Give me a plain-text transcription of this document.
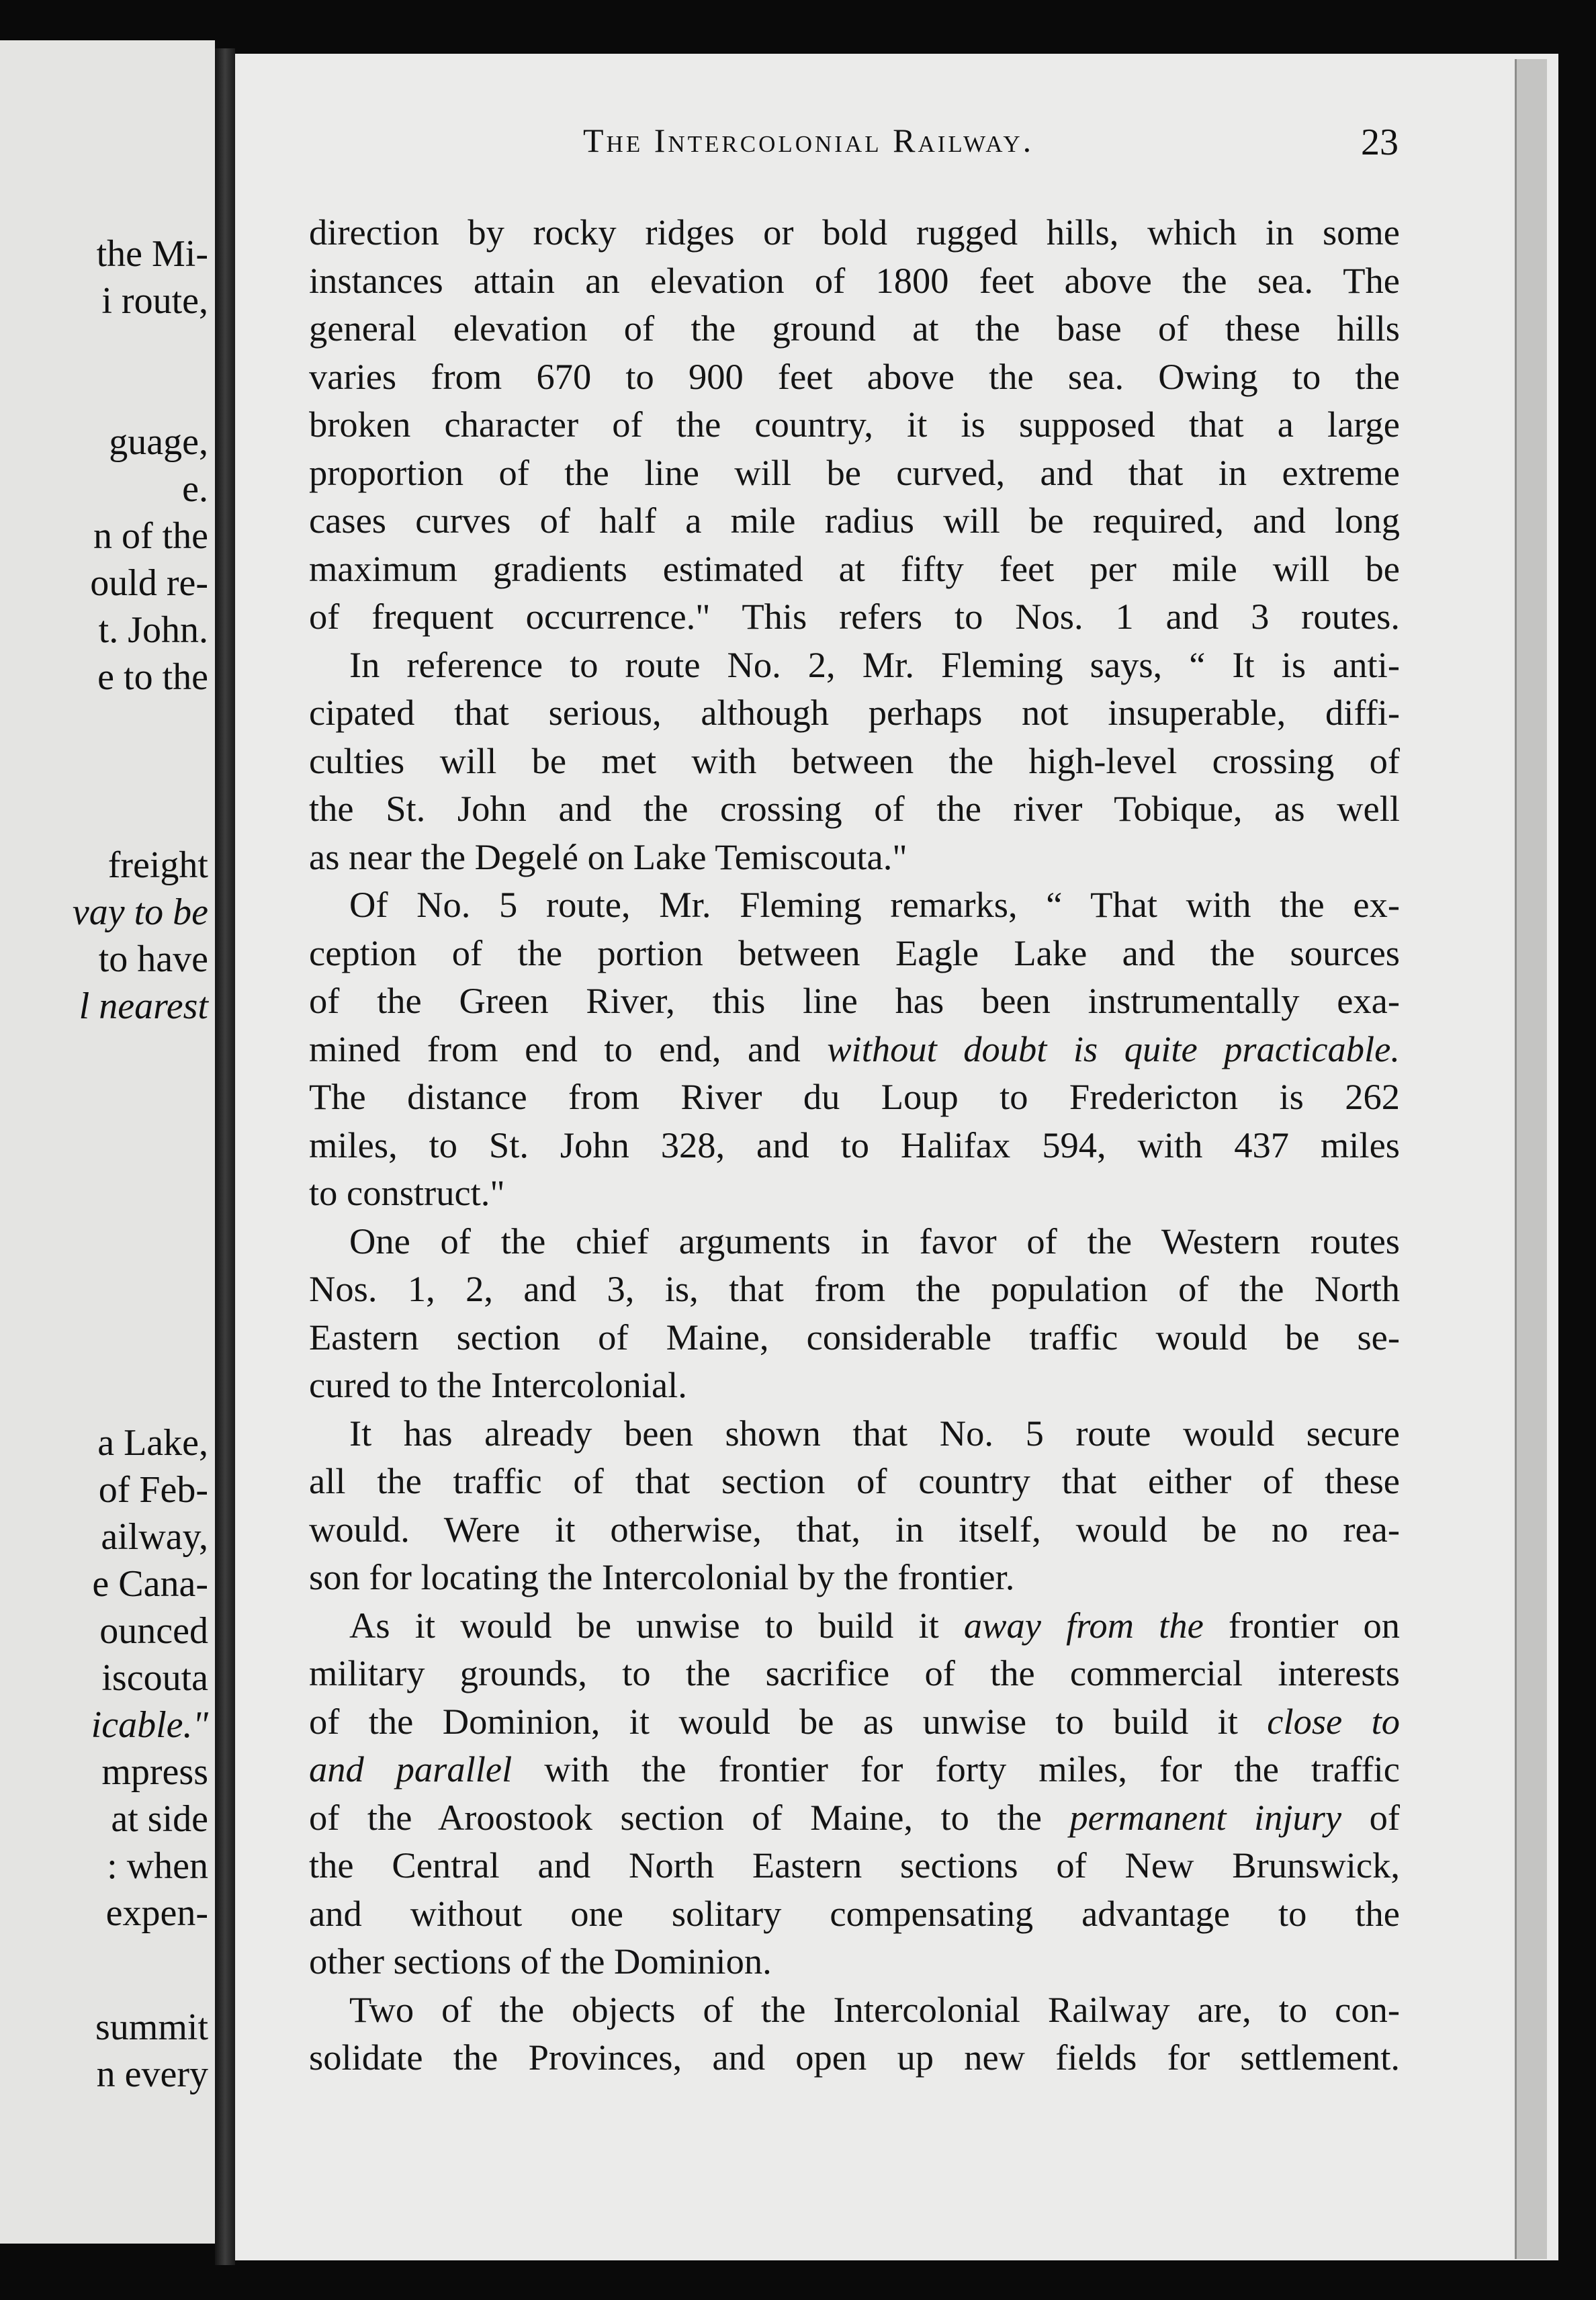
the Mi-
i route,
guage,
e.
n of the
ould re-
t. John.
e to the
freight
vay to be
to have
l nearest
a Lake,
of Feb-
ailway,
e Cana-
ounced
iscouta
icable."
mpress
at side
: when
expen-
summit
n every
The Intercolonial Railway.	23
direction by rocky ridges or bold rugged hills, which in some
instances attain an elevation of 1800 feet above the sea. The
general elevation of the ground at the base of these hills
varies from 670 to 900 feet above the sea. Owing to the
broken character of the country, it is supposed that a large
proportion of the line will be curved, and that in extreme
cases curves of half a mile radius will be required, and long
maximum gradients estimated at fifty feet per mile will be
of frequent occurrence." This refers to Nos. 1 and 3 routes.
In reference to route No. 2, Mr. Fleming says, “ It is anti-
cipated that serious, although perhaps not insuperable, diffi-
culties will be met with between the high-level crossing of
the St. John and the crossing of the river Tobique, as well
as near the Degelé on Lake Temiscouta."
Of No. 5 route, Mr. Fleming remarks, “ That with the ex-
ception of the portion between Eagle Lake and the sources
of the Green River, this line has been instrumentally exa-
mined from end to end, and without doubt is quite practicable.
The distance from River du Loup to Fredericton is 262
miles, to St. John 328, and to Halifax 594, with 437 miles
to construct."
One of the chief arguments in favor of the Western routes
Nos. 1, 2, and 3, is, that from the population of the North
Eastern section of Maine, considerable traffic would be se-
cured to the Intercolonial.
It has already been shown that No. 5 route would secure
all the traffic of that section of country that either of these
would. Were it otherwise, that, in itself, would be no rea-
son for locating the Intercolonial by the frontier.
As it would be unwise to build it away from the frontier on
military grounds, to the sacrifice of the commercial interests
of the Dominion, it would be as unwise to build it close to
and parallel with the frontier for forty miles, for the traffic
of the Aroostook section of Maine, to the permanent injury of
the Central and North Eastern sections of New Brunswick,
and without one solitary compensating advantage to the
other sections of the Dominion.
Two of the objects of the Intercolonial Railway are, to con-
solidate the Provinces, and open up new fields for settlement.
